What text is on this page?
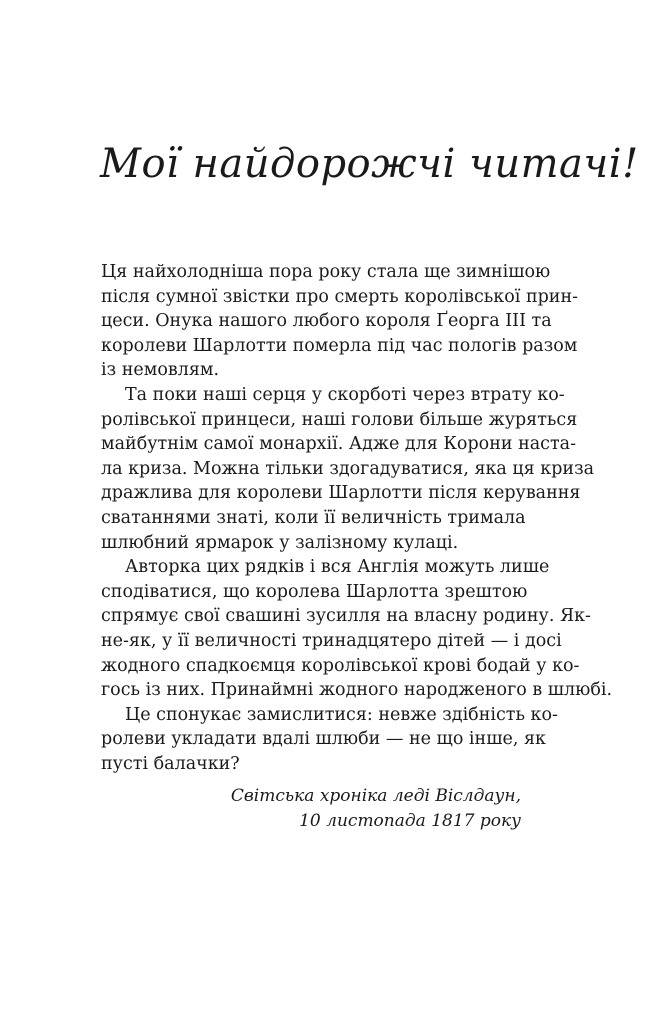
Мої найдорожчі читачі!
Ця найхолодніша пора року стала ще зимнішою
після сумної звістки про смерть королівської прин-
цеси. Онука нашого любого короля Ґеорга III та
королеви Шарлотти померла під час пологів разом
із немовлям.
Та поки наші серця у скорботі через втрату ко-
ролівської принцеси, наші голови більше журяться
майбутнім самої монархії. Адже для Корони наста-
ла криза. Можна тільки здогадуватися, яка ця криза
дражлива для королеви Шарлотти після керування
сватаннями знаті, коли її величність тримала
шлюбний ярмарок у залізному кулаці.
Авторка цих рядків і вся Англія можуть лише
сподіватися, що королева Шарлотта зрештою
спрямує свої свашині зусилля на власну родину. Як-
не-як, у її величності тринадцятеро дітей — і досі
жодного спадкоємця королівської крові бодай у ко-
гось із них. Принаймні жодного народженого в шлюбі.
Це спонукає замислитися: невже здібність ко-
ролеви укладати вдалі шлюби — не що інше, як
пусті балачки?
Світська хроніка леді Віслдаун,
10 листопада 1817 року
